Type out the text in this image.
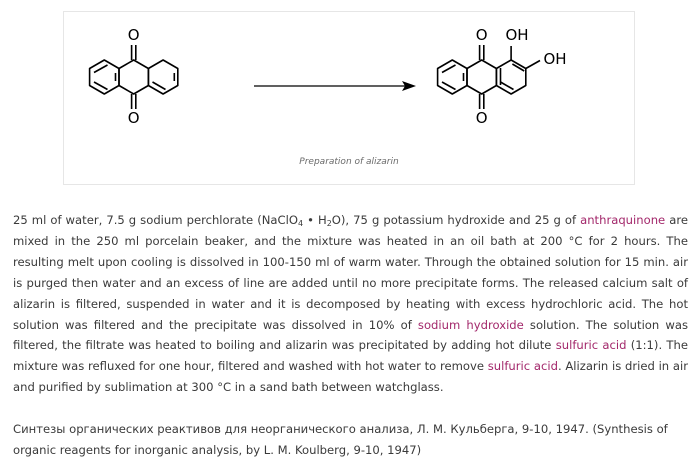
O
O
O
O
OH
OH
Preparation of alizarin
25 ml of water, 7.5 g sodium perchlorate (NaClO$_4$ • $H_2O$), 75 g potassium hydroxide and 25 g of anthraquinone are mixed in the 250 ml porcelain beaker, and the mixture was heated in an oil bath at 200 °C for 2 hours. The resulting melt upon cooling is dissolved in 100-150 ml of warm water. Through the obtained solution for 15 min. air is purged then water and an excess of line are added until no more precipitate forms. The released calcium salt of alizarin is filtered, suspended in water and it is decomposed by heating with excess hydrochloric acid. The hot solution was filtered and the precipitate was dissolved in 10% of sodium hydroxide solution. The solution was filtered, the filtrate was heated to boiling and alizarin was precipitated by adding hot dilute sulfuric acid (1:1). The mixture was refluxed for one hour, filtered and washed with hot water to remove sulfuric acid. Alizarin is dried in air and purified by sublimation at 300 °C in a sand bath between watchglass.
Синтезы органических реактивов для неорганического анализа, Л. М. Кульберга, 9-10, 1947. (Synthesis of organic reagents for inorganic analysis, by L. M. Koulberg, 9-10, 1947)
